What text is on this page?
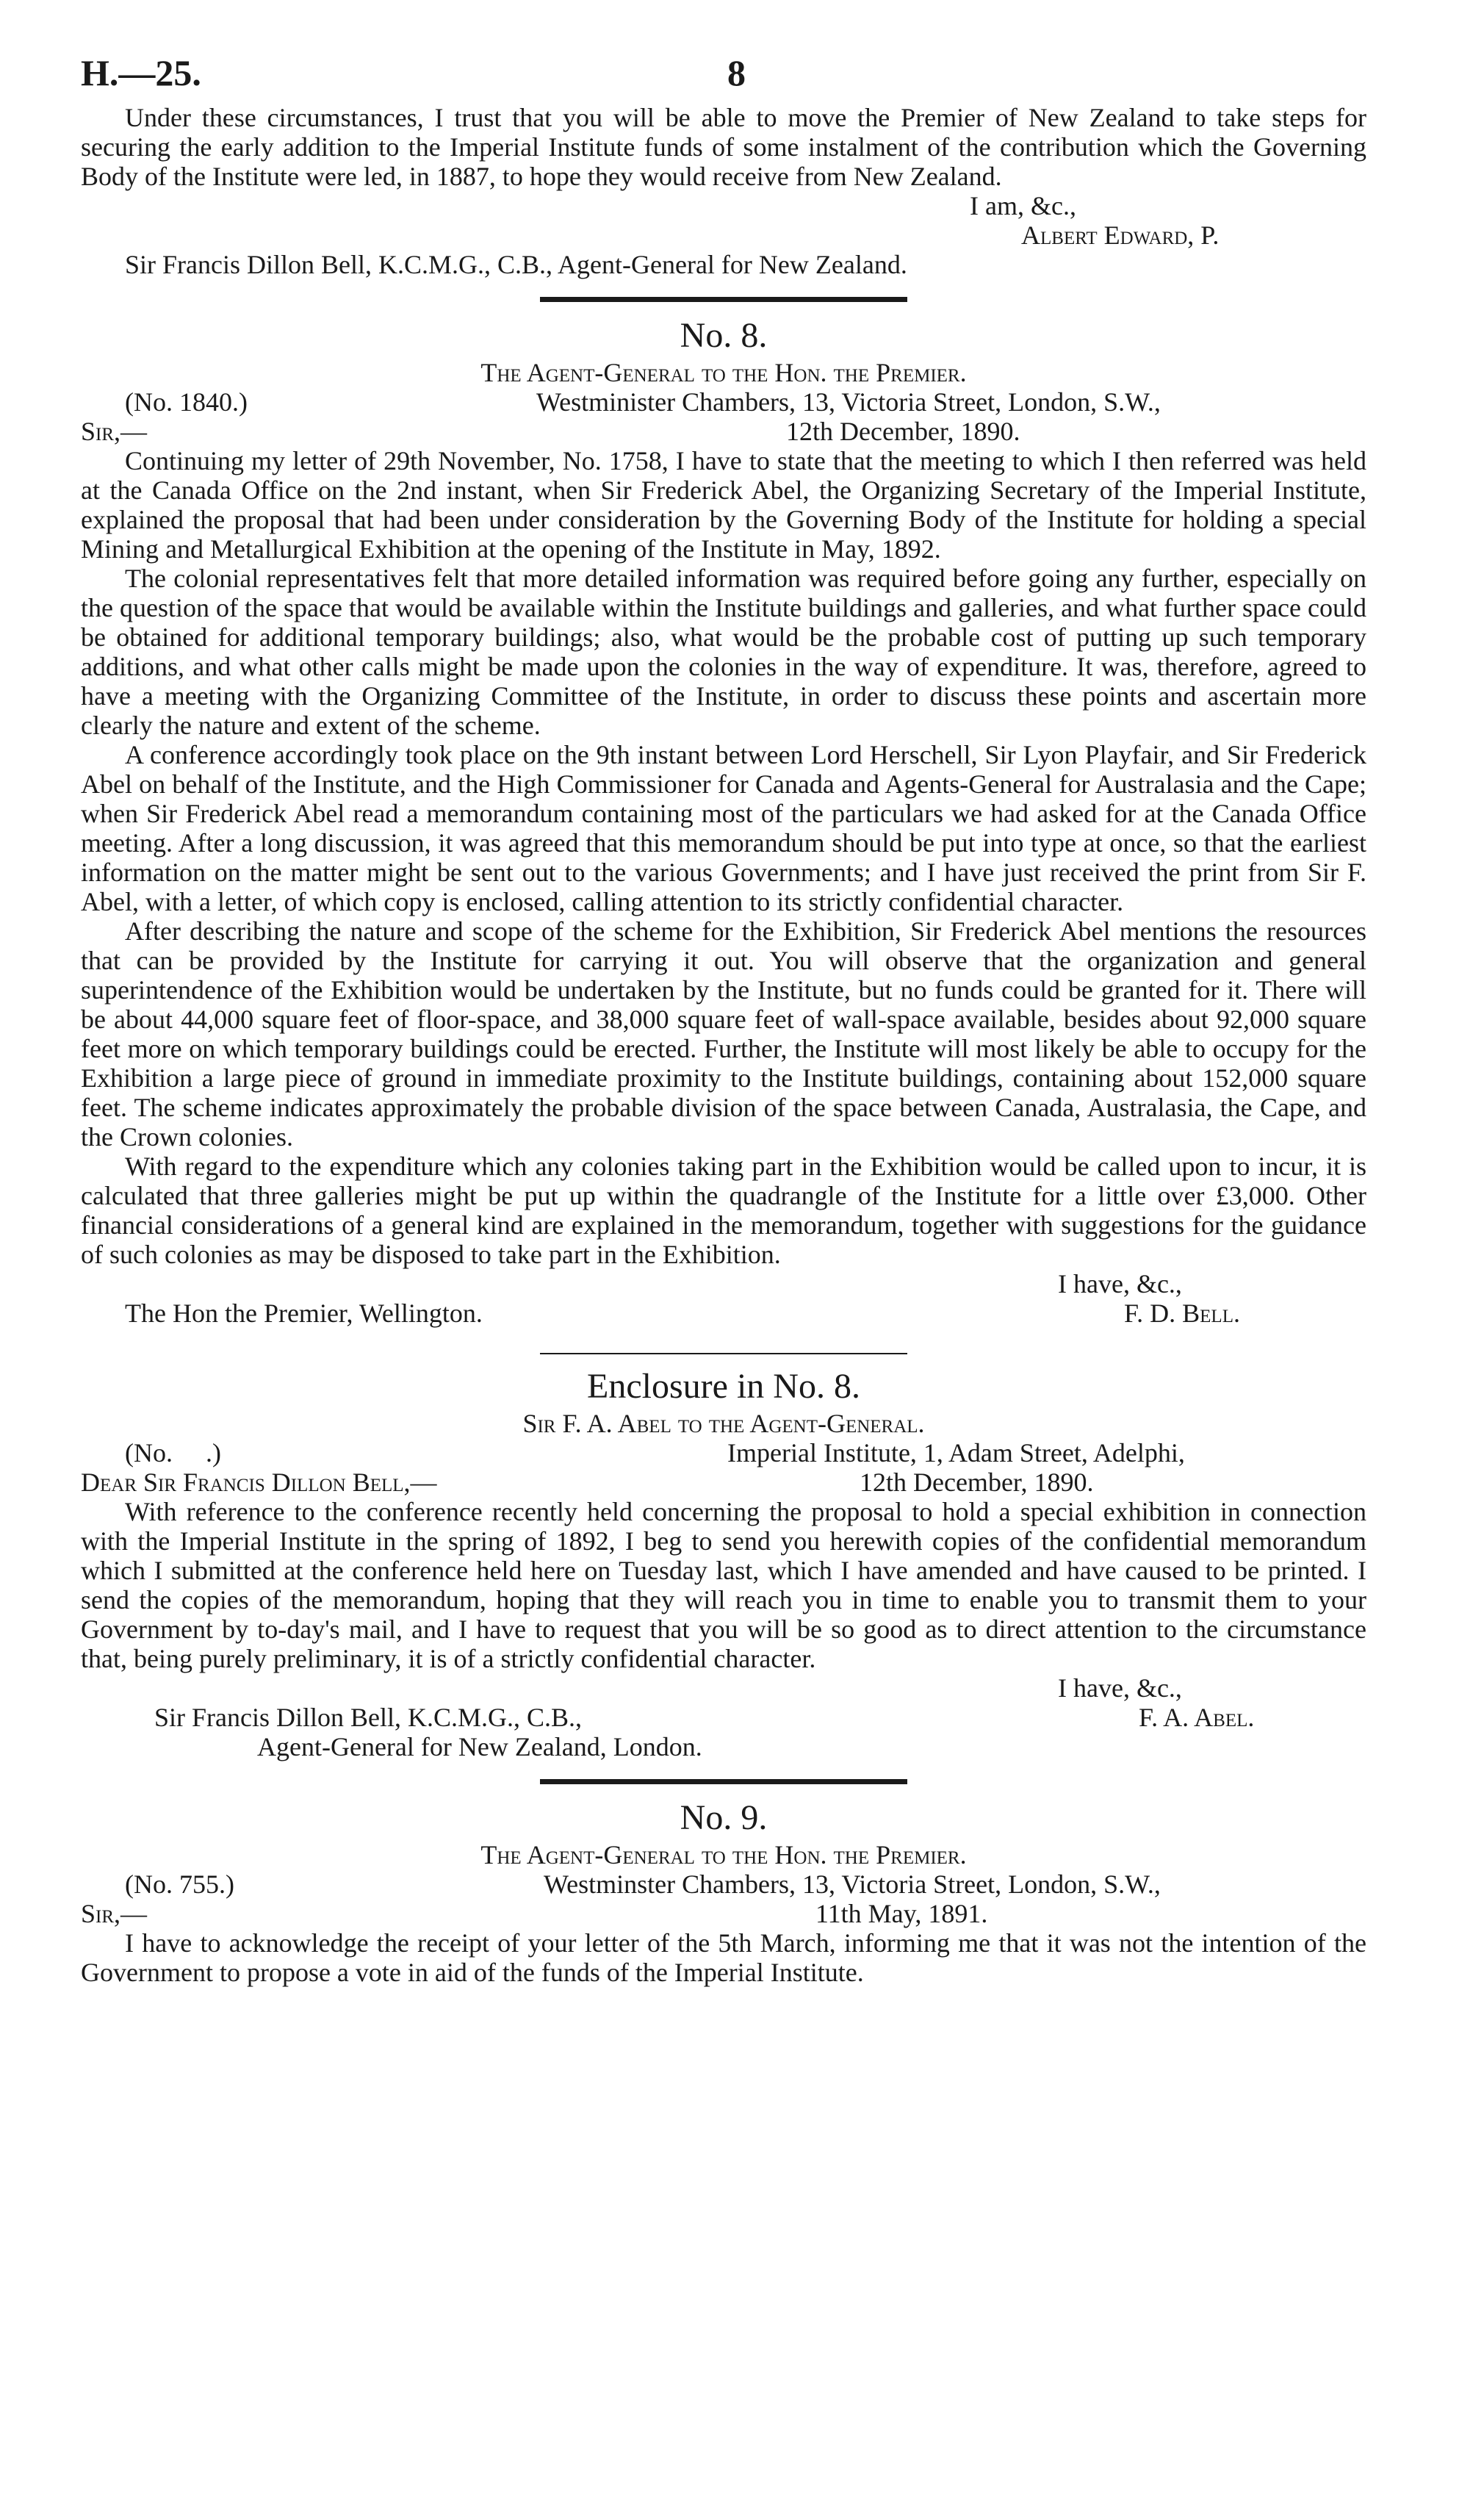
H.—25.	8

Under these circumstances, I trust that you will be able to move the Premier of New Zealand to take steps for securing the early addition to the Imperial Institute funds of some instalment of the contribution which the Governing Body of the Institute were led, in 1887, to hope they would receive from New Zealand.

I am, &c.,
Albert Edward, P.
Sir Francis Dillon Bell, K.C.M.G., C.B., Agent-General for New Zealand.
No. 8.

The Agent-General to the Hon. the Premier.

(No. 1840.)	Westminister Chambers, 13, Victoria Street, London, S.W.,
Sir,—	12th December, 1890.

Continuing my letter of 29th November, No. 1758, I have to state that the meeting to which I then referred was held at the Canada Office on the 2nd instant, when Sir Frederick Abel, the Organizing Secretary of the Imperial Institute, explained the proposal that had been under consideration by the Governing Body of the Institute for holding a special Mining and Metallurgical Exhibition at the opening of the Institute in May, 1892.

The colonial representatives felt that more detailed information was required before going any further, especially on the question of the space that would be available within the Institute buildings and galleries, and what further space could be obtained for additional temporary buildings; also, what would be the probable cost of putting up such temporary additions, and what other calls might be made upon the colonies in the way of expenditure. It was, therefore, agreed to have a meeting with the Organizing Committee of the Institute, in order to discuss these points and ascertain more clearly the nature and extent of the scheme.

A conference accordingly took place on the 9th instant between Lord Herschell, Sir Lyon Playfair, and Sir Frederick Abel on behalf of the Institute, and the High Commissioner for Canada and Agents-General for Australasia and the Cape; when Sir Frederick Abel read a memorandum containing most of the particulars we had asked for at the Canada Office meeting. After a long discussion, it was agreed that this memorandum should be put into type at once, so that the earliest information on the matter might be sent out to the various Governments; and I have just received the print from Sir F. Abel, with a letter, of which copy is enclosed, calling attention to its strictly confidential character.

After describing the nature and scope of the scheme for the Exhibition, Sir Frederick Abel mentions the resources that can be provided by the Institute for carrying it out. You will observe that the organization and general superintendence of the Exhibition would be undertaken by the Institute, but no funds could be granted for it. There will be about 44,000 square feet of floor-space, and 38,000 square feet of wall-space available, besides about 92,000 square feet more on which temporary buildings could be erected. Further, the Institute will most likely be able to occupy for the Exhibition a large piece of ground in immediate proximity to the Institute buildings, containing about 152,000 square feet. The scheme indicates approximately the probable division of the space between Canada, Australasia, the Cape, and the Crown colonies.

With regard to the expenditure which any colonies taking part in the Exhibition would be called upon to incur, it is calculated that three galleries might be put up within the quadrangle of the Institute for a little over £3,000. Other financial considerations of a general kind are explained in the memorandum, together with suggestions for the guidance of such colonies as may be disposed to take part in the Exhibition.

I have, &c.,
The Hon the Premier, Wellington.	F. D. Bell.
Enclosure in No. 8.

Sir F. A. Abel to the Agent-General.

(No.     .)	Imperial Institute, 1, Adam Street, Adelphi,
Dear Sir Francis Dillon Bell,—	12th December, 1890.

With reference to the conference recently held concerning the proposal to hold a special exhibition in connection with the Imperial Institute in the spring of 1892, I beg to send you herewith copies of the confidential memorandum which I submitted at the conference held here on Tuesday last, which I have amended and have caused to be printed. I send the copies of the memorandum, hoping that they will reach you in time to enable you to transmit them to your Government by to-day's mail, and I have to request that you will be so good as to direct attention to the circumstance that, being purely preliminary, it is of a strictly confidential character.

I have, &c.,
Sir Francis Dillon Bell, K.C.M.G., C.B.,	F. A. Abel.
Agent-General for New Zealand, London.
No. 9.

The Agent-General to the Hon. the Premier.

(No. 755.)	Westminster Chambers, 13, Victoria Street, London, S.W.,
Sir,—	11th May, 1891.

I have to acknowledge the receipt of your letter of the 5th March, informing me that it was not the intention of the Government to propose a vote in aid of the funds of the Imperial Institute.
